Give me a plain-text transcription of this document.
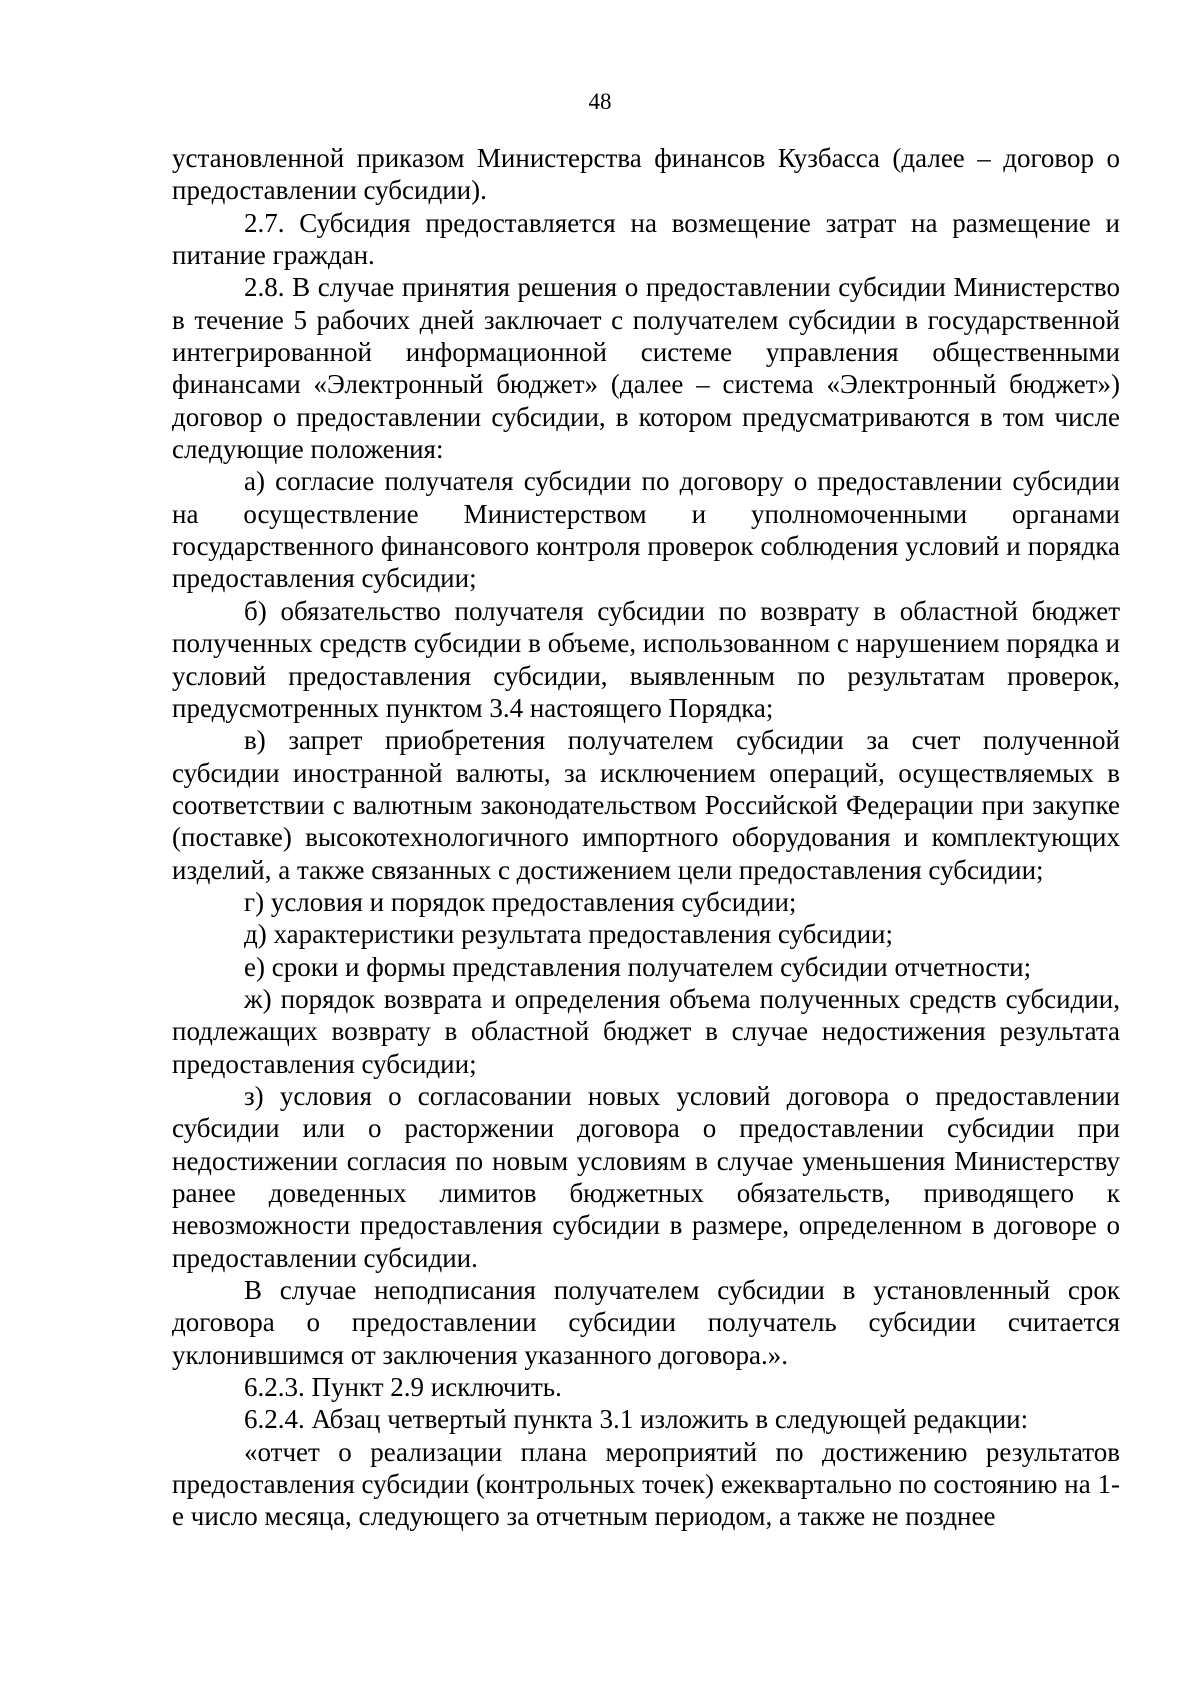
48

установленной приказом Министерства финансов Кузбасса (далее – договор о предоставлении субсидии).

2.7. Субсидия предоставляется на возмещение затрат на размещение и питание граждан.

2.8. В случае принятия решения о предоставлении субсидии Министерство в течение 5 рабочих дней заключает с получателем субсидии в государственной интегрированной информационной системе управления общественными финансами «Электронный бюджет» (далее – система «Электронный бюджет») договор о предоставлении субсидии, в котором предусматриваются в том числе следующие положения:

а) согласие получателя субсидии по договору о предоставлении субсидии на осуществление Министерством и уполномоченными органами государственного финансового контроля проверок соблюдения условий и порядка предоставления субсидии;

б) обязательство получателя субсидии по возврату в областной бюджет полученных средств субсидии в объеме, использованном с нарушением порядка и условий предоставления субсидии, выявленным по результатам проверок, предусмотренных пунктом 3.4 настоящего Порядка;

в) запрет приобретения получателем субсидии за счет полученной субсидии иностранной валюты, за исключением операций, осуществляемых в соответствии с валютным законодательством Российской Федерации при закупке (поставке) высокотехнологичного импортного оборудования и комплектующих изделий, а также связанных с достижением цели предоставления субсидии;

г) условия и порядок предоставления субсидии;

д) характеристики результата предоставления субсидии;

е) сроки и формы представления получателем субсидии отчетности;

ж) порядок возврата и определения объема полученных средств субсидии, подлежащих возврату в областной бюджет в случае недостижения результата предоставления субсидии;

з) условия о согласовании новых условий договора о предоставлении субсидии или о расторжении договора о предоставлении субсидии при недостижении согласия по новым условиям в случае уменьшения Министерству ранее доведенных лимитов бюджетных обязательств, приводящего к невозможности предоставления субсидии в размере, определенном в договоре о предоставлении субсидии.

В случае неподписания получателем субсидии в установленный срок договора о предоставлении субсидии получатель субсидии считается уклонившимся от заключения указанного договора.».

6.2.3. Пункт 2.9 исключить.

6.2.4. Абзац четвертый пункта 3.1 изложить в следующей редакции:

«отчет о реализации плана мероприятий по достижению результатов предоставления субсидии (контрольных точек) ежеквартально по состоянию на 1-е число месяца, следующего за отчетным периодом, а также не позднее
